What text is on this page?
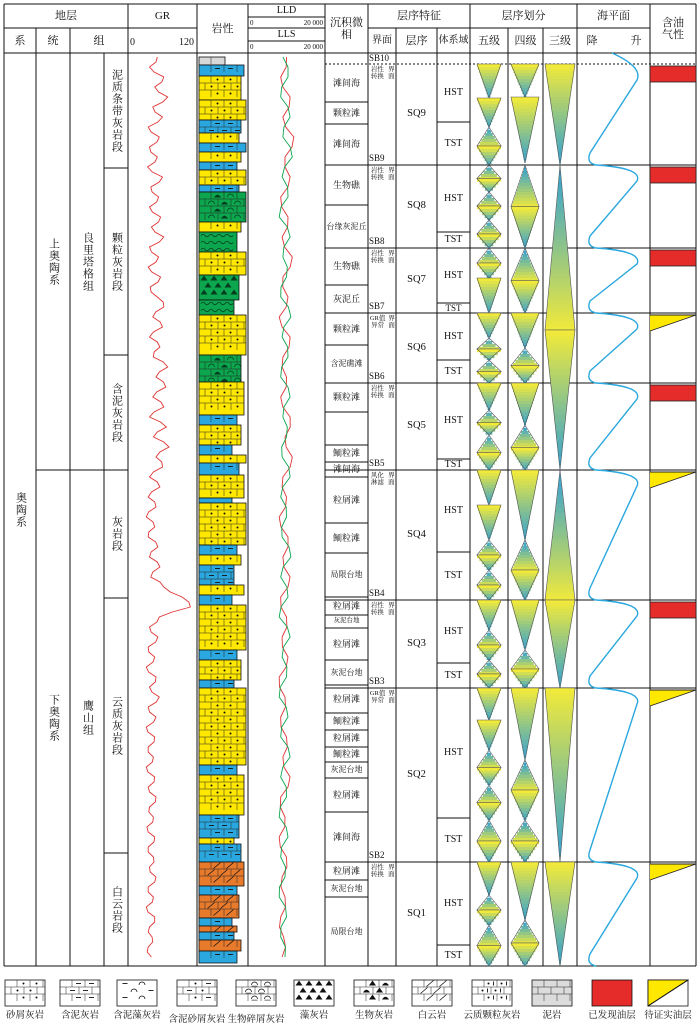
地层
系	统	组
GR
0	120
岩性
LLD
0	20 000
LLS
0	20 000
沉积微相
层序特征
界面	层序	体系域
层序划分
五级	四级	三级
海平面
降	升
含油气性
奥陶系
上奥陶系
下奥陶系
良里塔格组
鹰山组
泥质条带灰岩段
颗粒灰岩段
含泥灰岩段
灰岩段
云质灰岩段
白云岩段
滩间海
颗粒滩
滩间海
生物礁
台缘 灰泥丘
生物礁
灰泥丘
颗粒滩
含泥礁滩
颗粒滩
鲕粒滩
滩间海
粒屑滩
鲕粒滩
局限台地
粒屑滩
灰泥台地
粒屑滩
灰泥台地
粒屑滩
鲕粒滩
粒屑滩
鲕粒滩
灰泥台地
粒屑滩
滩间海
粒屑滩
灰泥台地
局限台地
SB10
岩性转换
界面
SB9
SQ9
HST
TST
岩性转换
界面
SB8
SQ8
HST
TST
岩性转换
界面
SB7
SQ7	HST
TST
GR值异常
界面
SB6
SQ6
HST
TST
岩性转换
界面
SB5
SQ5	HST
TST
风化淋滤
界面
SB4
SQ4
HST
TST
岩性转换
界面
SB3
SQ3
HST
TST
GR值异常
界面
SB2
SQ2
HST
TST
岩性转换
界面
SQ1
HST
TST
砂屑灰岩	含泥灰岩	含泥藻灰岩 含泥砂 屑灰岩 生物碎 屑灰岩	藻灰岩	生物灰岩	白云岩	云质颗粒灰岩	泥岩	已发现油层 待证实油层
